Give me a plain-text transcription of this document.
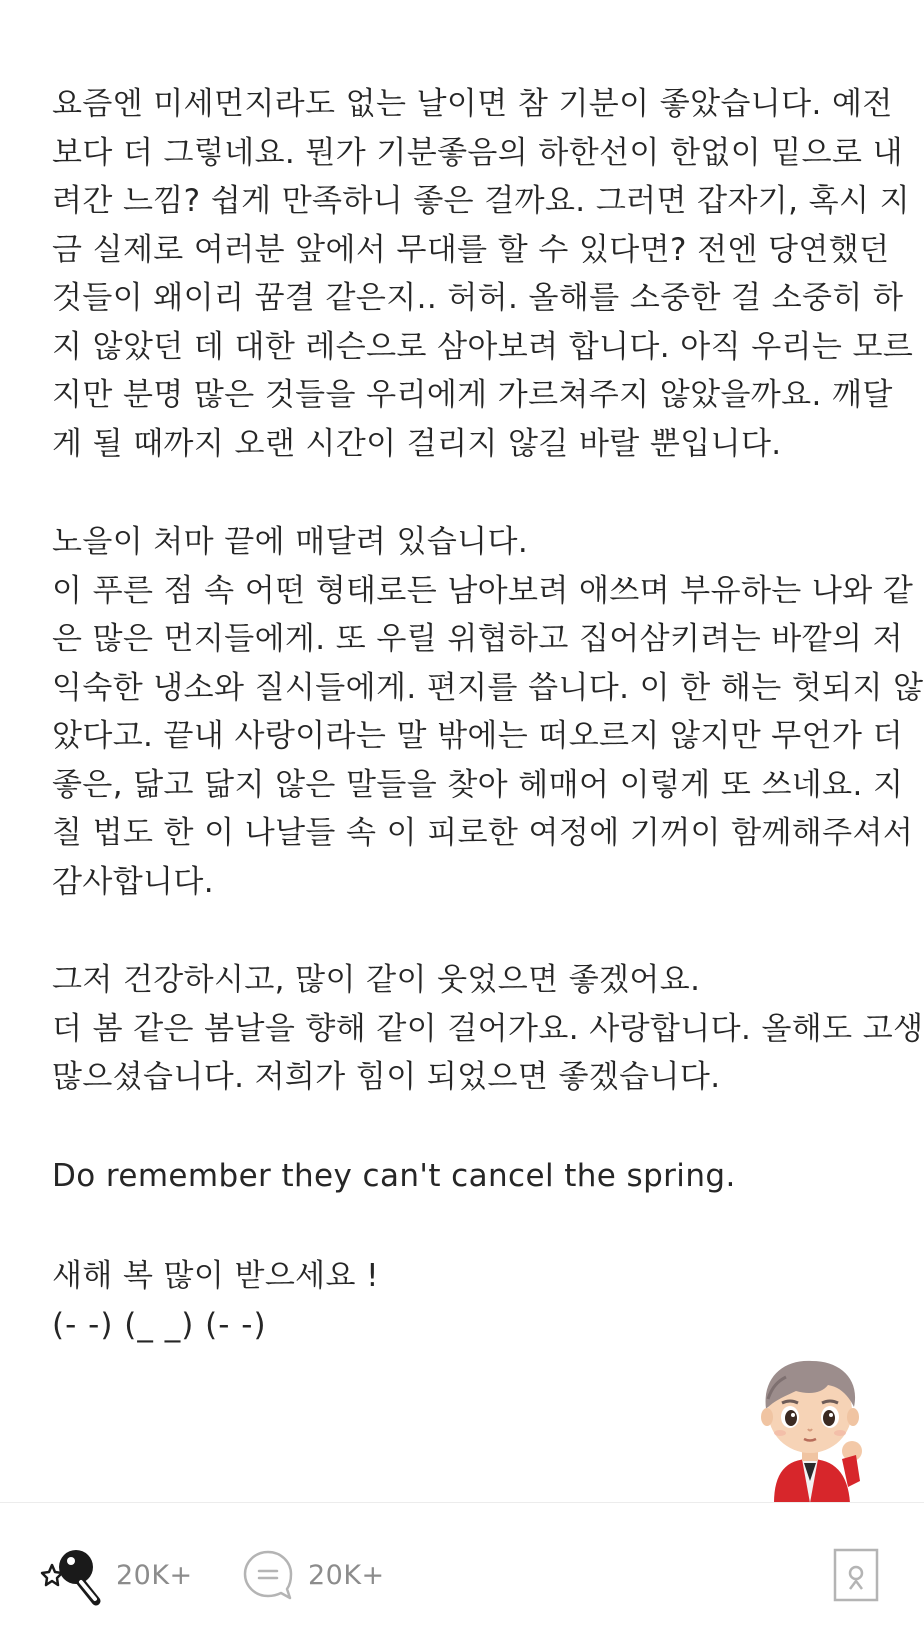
요즘엔 미세먼지라도 없는 날이면 참 기분이 좋았습니다. 예전
보다 더 그렇네요. 뭔가 기분좋음의 하한선이 한없이 밑으로 내
려간 느낌? 쉽게 만족하니 좋은 걸까요. 그러면 갑자기, 혹시 지
금 실제로 여러분 앞에서 무대를 할 수 있다면? 전엔 당연했던
것들이 왜이리 꿈결 같은지.. 허허. 올해를 소중한 걸 소중히 하
지 않았던 데 대한 레슨으로 삼아보려 합니다. 아직 우리는 모르
지만 분명 많은 것들을 우리에게 가르쳐주지 않았을까요. 깨달
게 될 때까지 오랜 시간이 걸리지 않길 바랄 뿐입니다.

노을이 처마 끝에 매달려 있습니다.
이 푸른 점 속 어떤 형태로든 남아보려 애쓰며 부유하는 나와 같
은 많은 먼지들에게. 또 우릴 위협하고 집어삼키려는 바깥의 저
익숙한 냉소와 질시들에게. 편지를 씁니다. 이 한 해는 헛되지 않
았다고. 끝내 사랑이라는 말 밖에는 떠오르지 않지만 무언가 더
좋은, 닮고 닮지 않은 말들을 찾아 헤매어 이렇게 또 쓰네요. 지
칠 법도 한 이 나날들 속 이 피로한 여정에 기꺼이 함께해주셔서
감사합니다.

그저 건강하시고, 많이 같이 웃었으면 좋겠어요.
더 봄 같은 봄날을 향해 같이 걸어가요. 사랑합니다. 올해도 고생
많으셨습니다. 저희가 힘이 되었으면 좋겠습니다.

Do remember they can't cancel the spring.

새해 복 많이 받으세요 !
(- -) (_ _) (- -)

20K+	20K+
